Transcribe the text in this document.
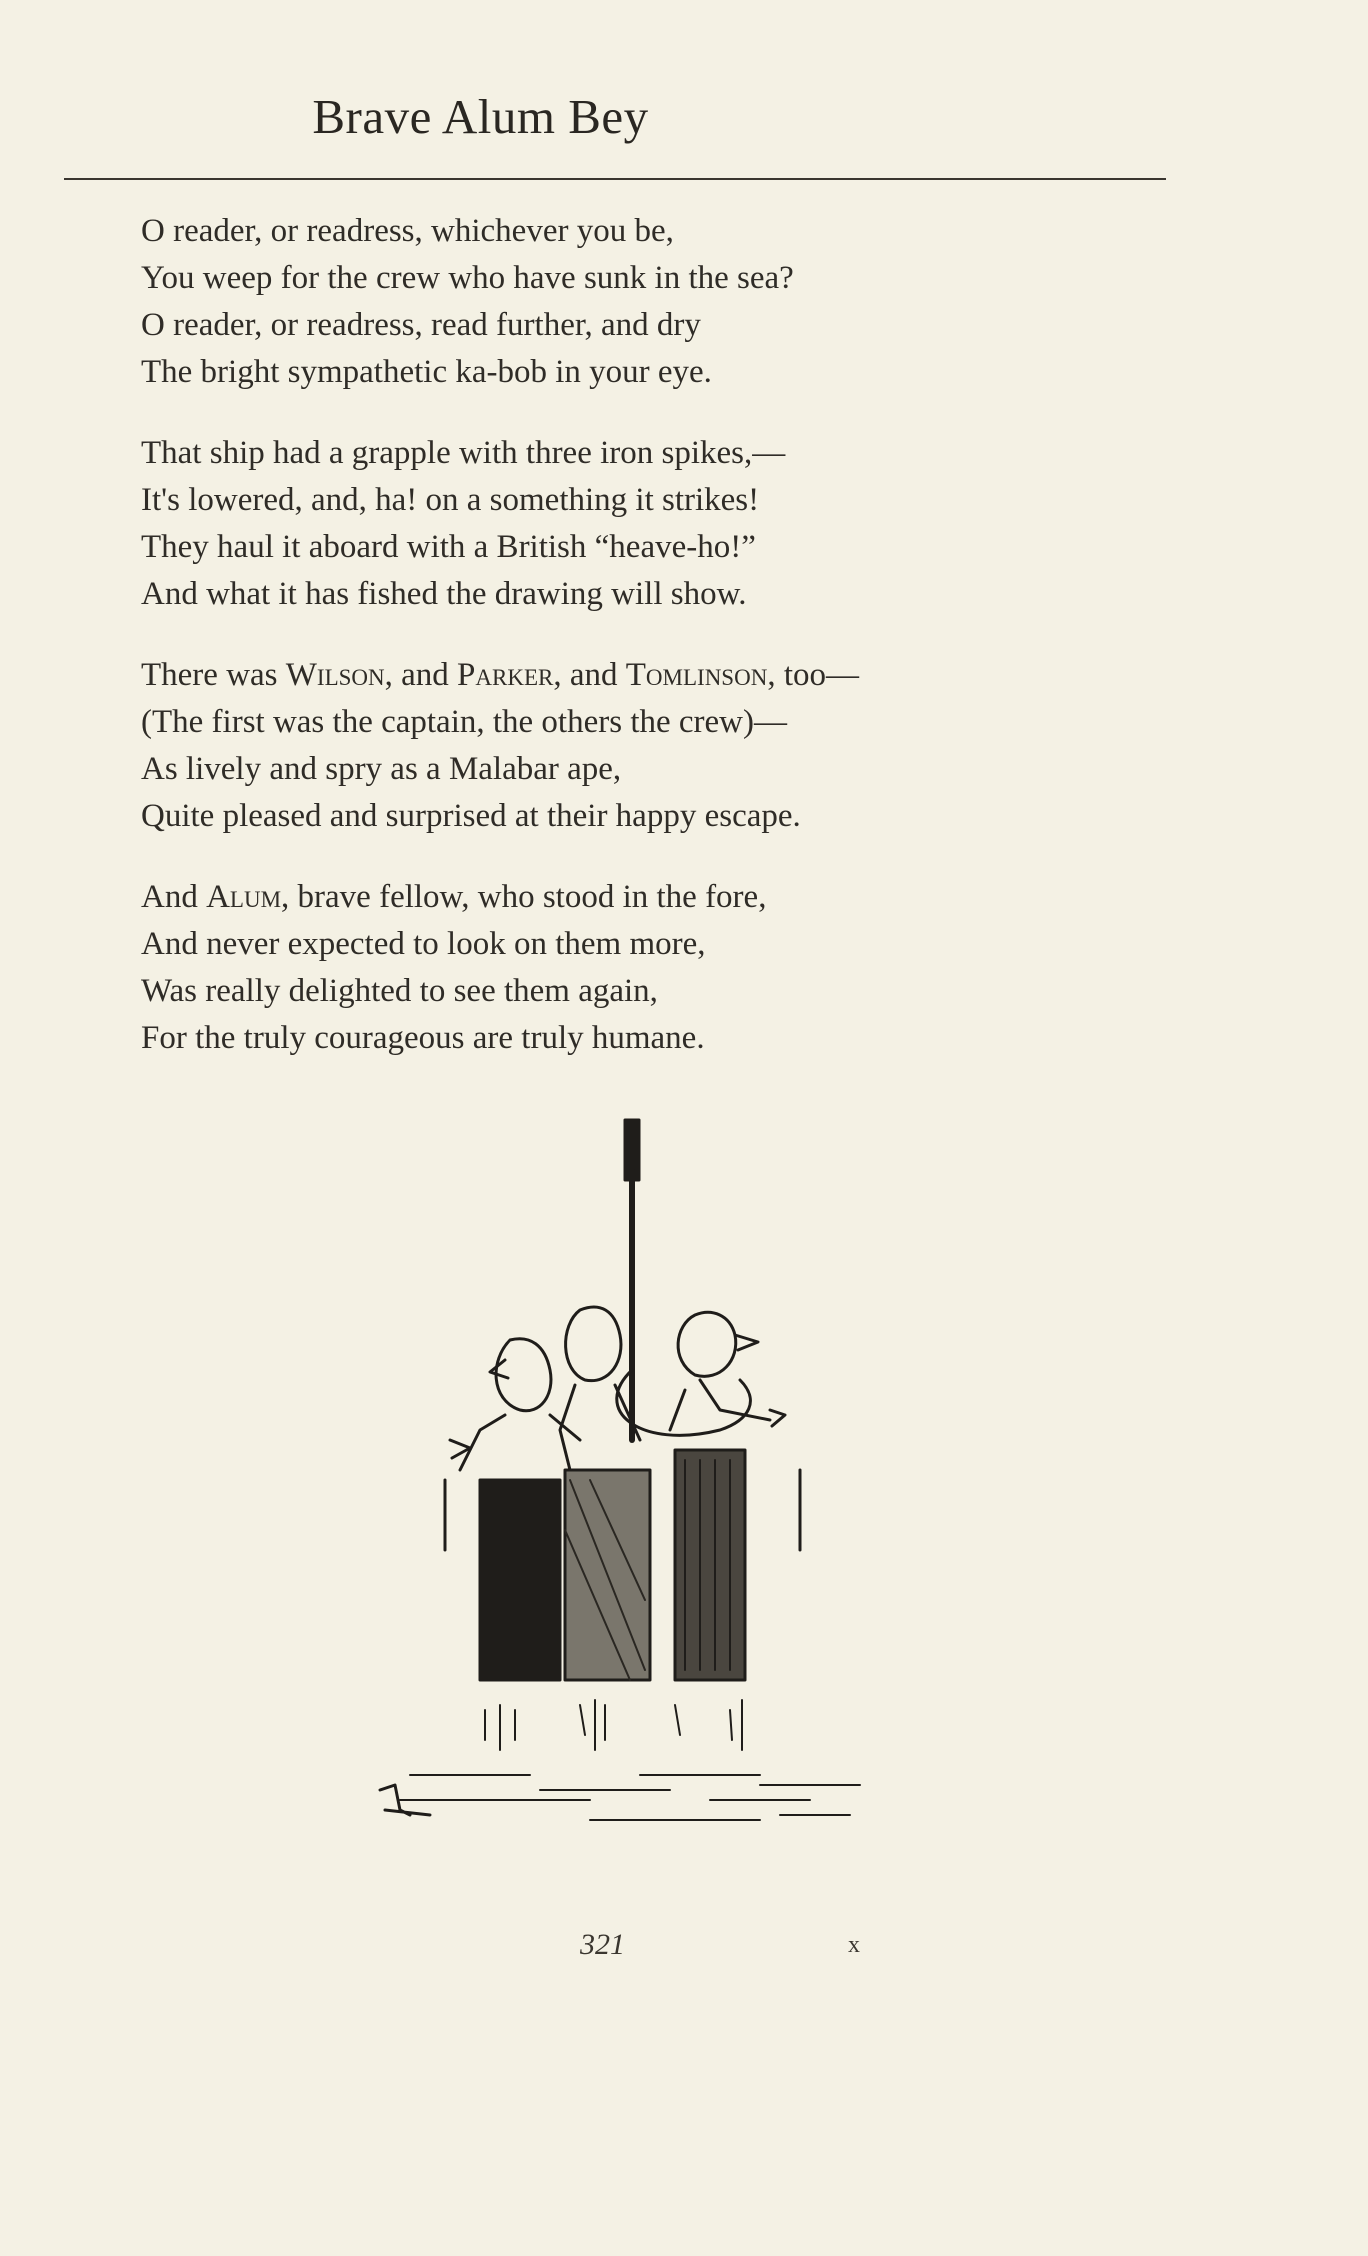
Brave Alum Bey
O reader, or readress, whichever you be,
You weep for the crew who have sunk in the sea?
O reader, or readress, read further, and dry
The bright sympathetic ka-bob in your eye.
That ship had a grapple with three iron spikes,—
It's lowered, and, ha! on a something it strikes!
They haul it aboard with a British “heave-ho!”
And what it has fished the drawing will show.
There was Wilson, and Parker, and Tomlinson, too—
(The first was the captain, the others the crew)—
As lively and spry as a Malabar ape,
Quite pleased and surprised at their happy escape.
And Alum, brave fellow, who stood in the fore,
And never expected to look on them more,
Was really delighted to see them again,
For the truly courageous are truly humane.
321	x
